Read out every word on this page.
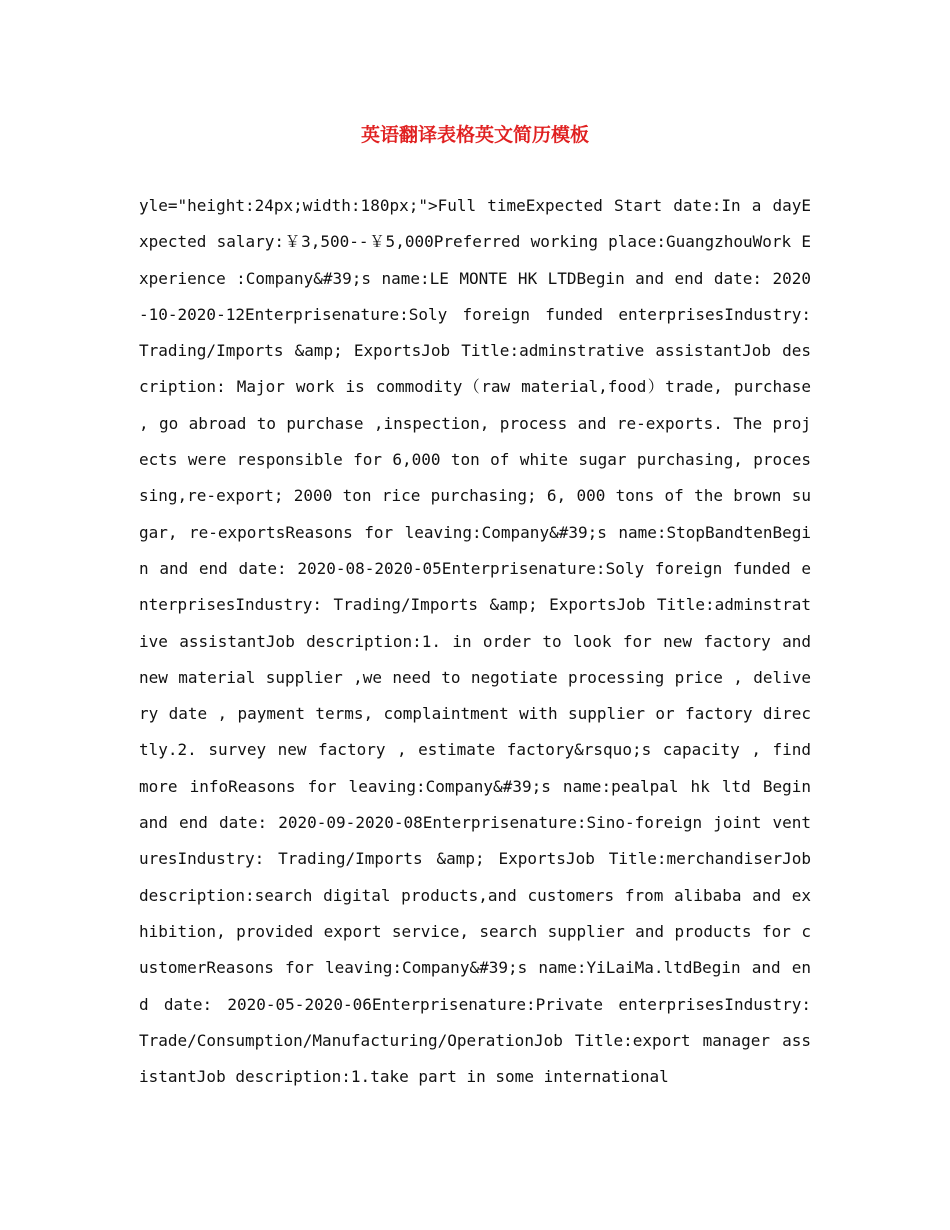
英语翻译表格英文简历模板

yle="height:24px;width:180px;">Full timeExpected Start date:In a dayExpected salary:￥3,500--￥5,000Preferred working place:GuangzhouWork Experience :Company&#39;s name:LE MONTE HK LTDBegin and end date: 2020-10-2020-12Enterprisenature:Soly foreign funded enterprisesIndustry: Trading/Imports &amp; ExportsJob Title:adminstrative assistantJob description: Major work is commodity（raw material,food）trade, purchase , go abroad to purchase ,inspection, process and re-exports. The projects were responsible for 6,000 ton of white sugar purchasing, processing,re-export; 2000 ton rice purchasing; 6, 000 tons of the brown sugar, re-exportsReasons for leaving:Company&#39;s name:StopBandtenBegin and end date: 2020-08-2020-05Enterprisenature:Soly foreign funded enterprisesIndustry: Trading/Imports &amp; ExportsJob Title:adminstrative assistantJob description:1. in order to look for new factory and new material supplier ,we need to negotiate processing price , delivery date , payment terms, complaintment with supplier or factory directly.2. survey new factory , estimate factory&rsquo;s capacity , find more infoReasons for leaving:Company&#39;s name:pealpal hk ltd Begin and end date: 2020-09-2020-08Enterprisenature:Sino-foreign joint venturesIndustry: Trading/Imports &amp; ExportsJob Title:merchandiserJob description:search digital products,and customers from alibaba and exhibition, provided export service, search supplier and products for customerReasons for leaving:Company&#39;s name:YiLaiMa.ltdBegin and end date: 2020-05-2020-06Enterprisenature:Private enterprisesIndustry: Trade/Consumption/Manufacturing/OperationJob Title:export manager assistantJob description:1.take part in some international
